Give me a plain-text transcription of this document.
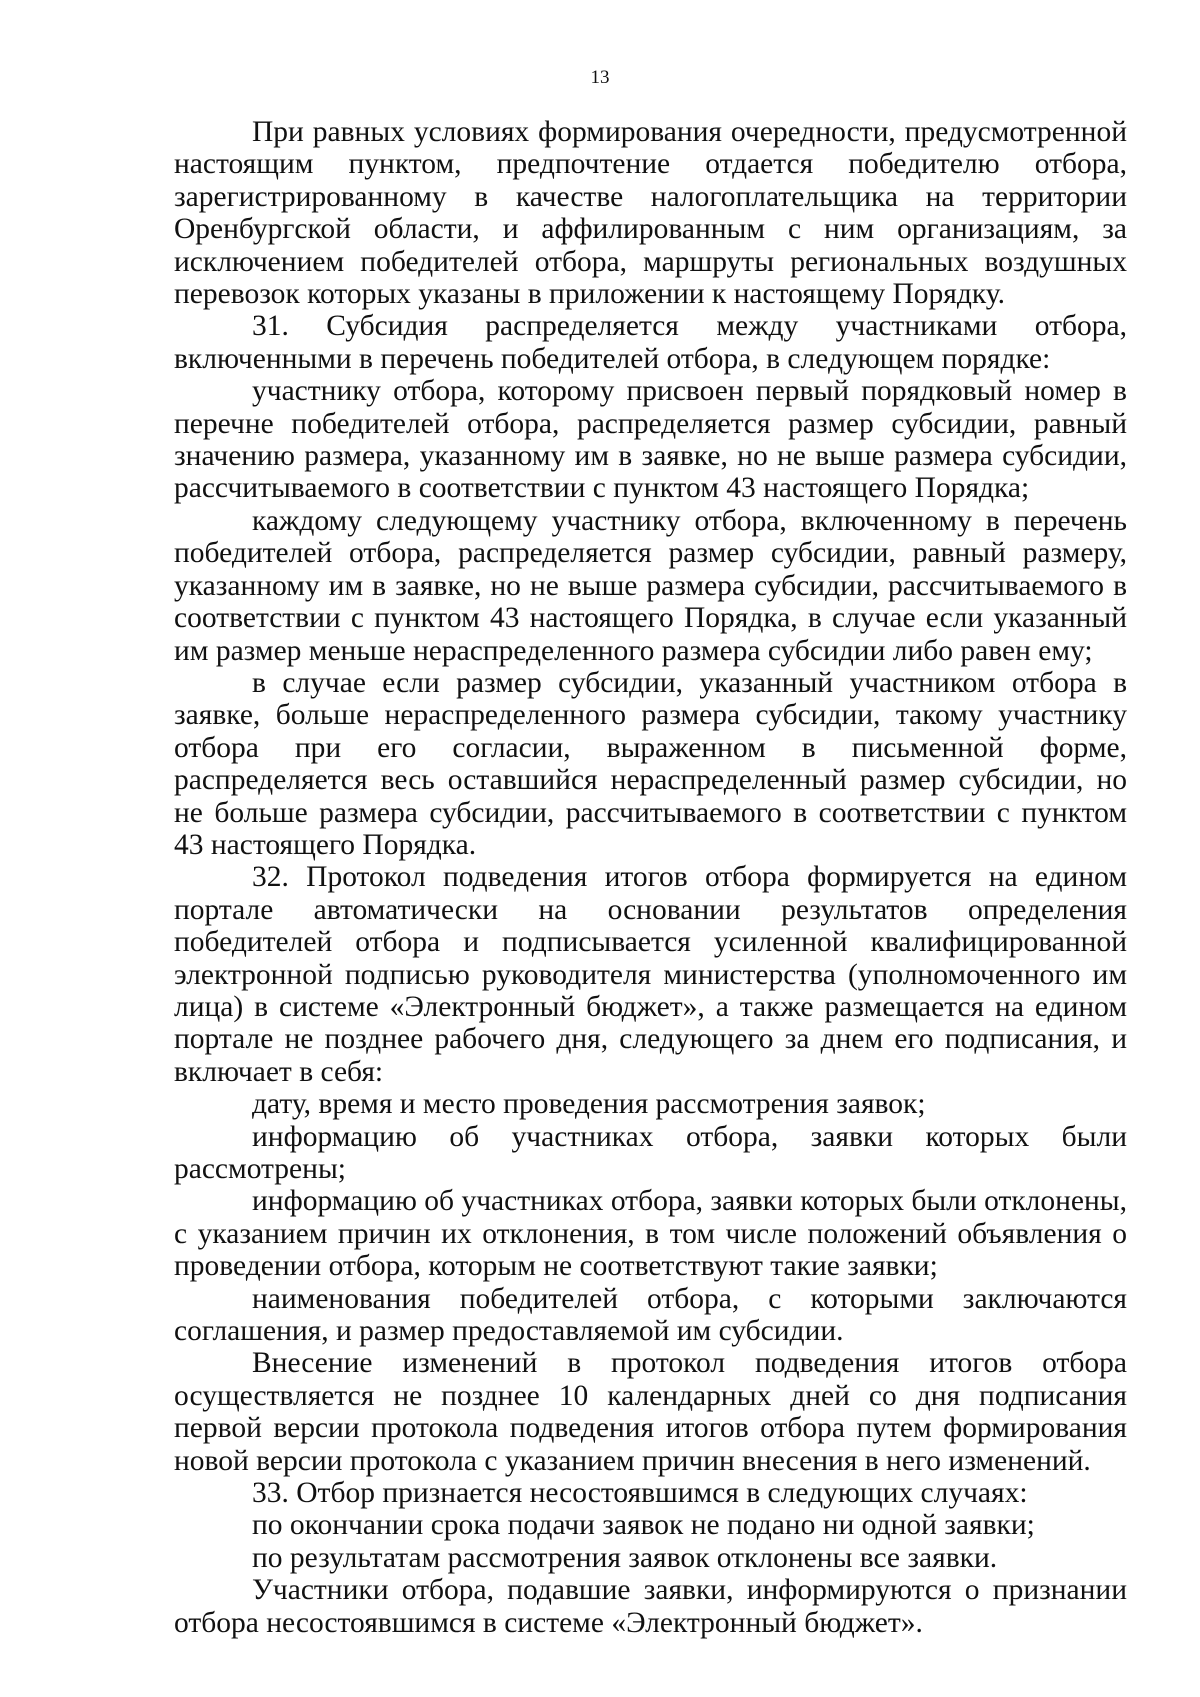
13

При равных условиях формирования очередности, предусмотренной настоящим пунктом, предпочтение отдается победителю отбора, зарегистрированному в качестве налогоплательщика на территории Оренбургской области, и аффилированным с ним организациям, за исключением победителей отбора, маршруты региональных воздушных перевозок которых указаны в приложении к настоящему Порядку.

31. Субсидия распределяется между участниками отбора, включенными в перечень победителей отбора, в следующем порядке:

участнику отбора, которому присвоен первый порядковый номер в перечне победителей отбора, распределяется размер субсидии, равный значению размера, указанному им в заявке, но не выше размера субсидии, рассчитываемого в соответствии с пунктом 43 настоящего Порядка;

каждому следующему участнику отбора, включенному в перечень победителей отбора, распределяется размер субсидии, равный размеру, указанному им в заявке, но не выше размера субсидии, рассчитываемого в соответствии с пунктом 43 настоящего Порядка, в случае если указанный им размер меньше нераспределенного размера субсидии либо равен ему;

в случае если размер субсидии, указанный участником отбора в заявке, больше нераспределенного размера субсидии, такому участнику отбора при его согласии, выраженном в письменной форме, распределяется весь оставшийся нераспределенный размер субсидии, но не больше размера субсидии, рассчитываемого в соответствии с пунктом 43 настоящего Порядка.

32. Протокол подведения итогов отбора формируется на едином портале автоматически на основании результатов определения победителей отбора и подписывается усиленной квалифицированной электронной подписью руководителя министерства (уполномоченного им лица) в системе «Электронный бюджет», а также размещается на едином портале не позднее рабочего дня, следующего за днем его подписания, и включает в себя:

дату, время и место проведения рассмотрения заявок;

информацию об участниках отбора, заявки которых были рассмотрены;

информацию об участниках отбора, заявки которых были отклонены, с указанием причин их отклонения, в том числе положений объявления о проведении отбора, которым не соответствуют такие заявки;

наименования победителей отбора, с которыми заключаются соглашения, и размер предоставляемой им субсидии.

Внесение изменений в протокол подведения итогов отбора осуществляется не позднее 10 календарных дней со дня подписания первой версии протокола подведения итогов отбора путем формирования новой версии протокола с указанием причин внесения в него изменений.

33. Отбор признается несостоявшимся в следующих случаях:

по окончании срока подачи заявок не подано ни одной заявки;

по результатам рассмотрения заявок отклонены все заявки.

Участники отбора, подавшие заявки, информируются о признании отбора несостоявшимся в системе «Электронный бюджет».
